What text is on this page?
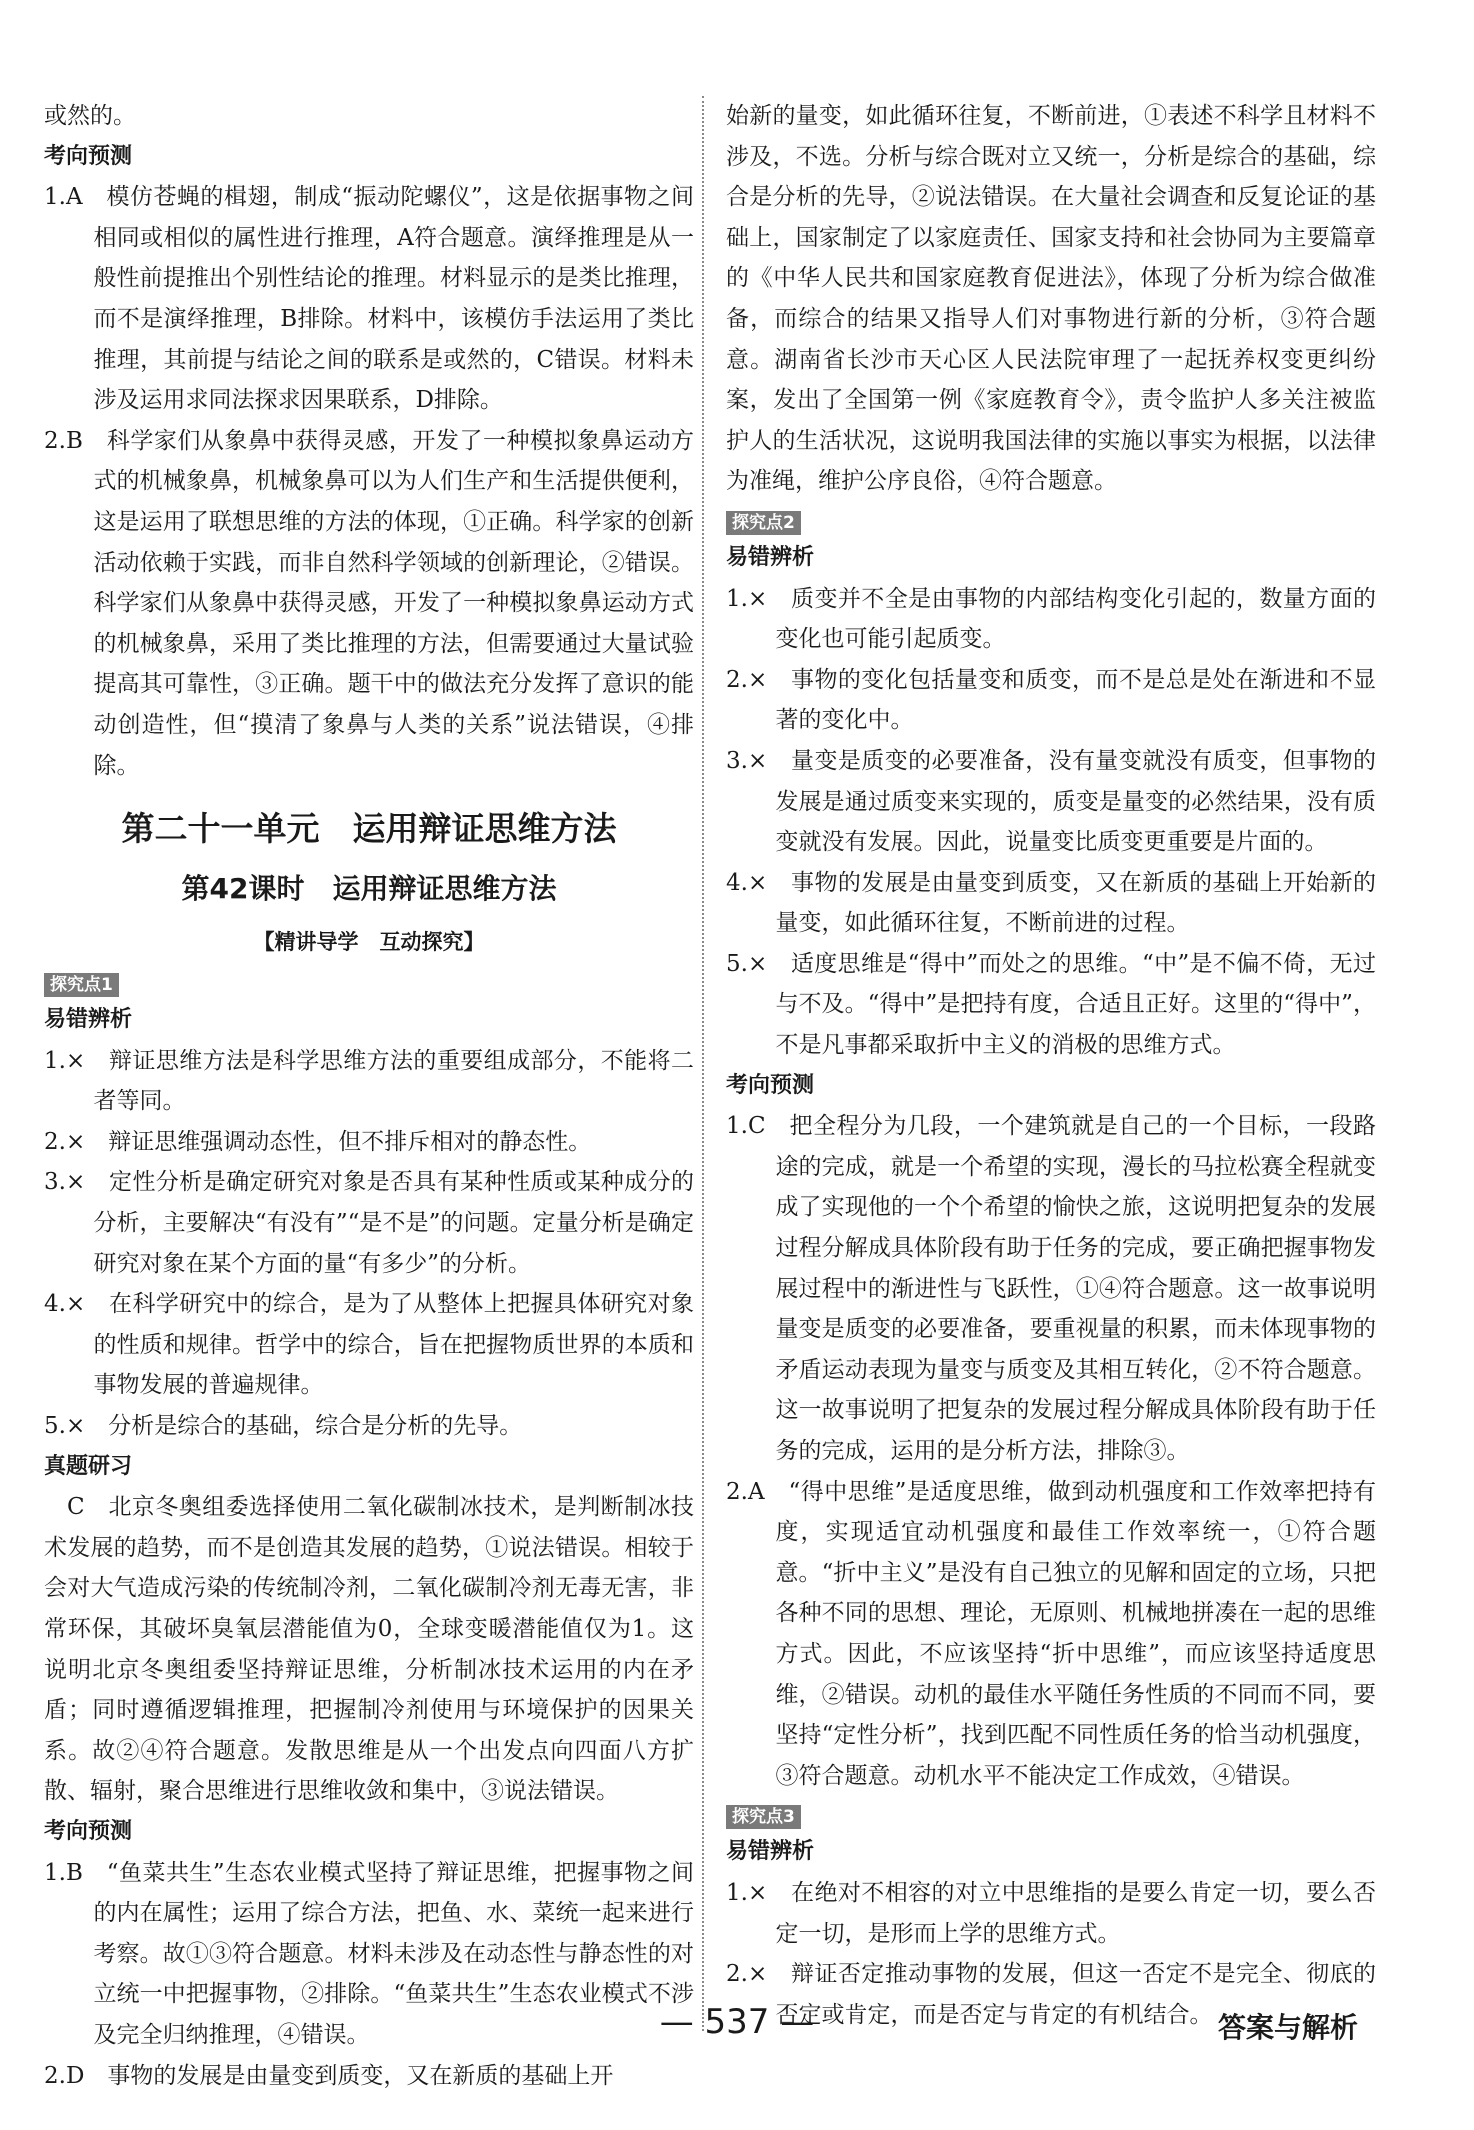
或然的。

考向预测

1.A　模仿苍蝇的楫翅，制成“振动陀螺仪”，这是依据事物之间相同或相似的属性进行推理，A符合题意。演绎推理是从一般性前提推出个别性结论的推理。材料显示的是类比推理，而不是演绎推理，B排除。材料中，该模仿手法运用了类比推理，其前提与结论之间的联系是或然的，C错误。材料未涉及运用求同法探求因果联系，D排除。

2.B　科学家们从象鼻中获得灵感，开发了一种模拟象鼻运动方式的机械象鼻，机械象鼻可以为人们生产和生活提供便利，这是运用了联想思维的方法的体现，①正确。科学家的创新活动依赖于实践，而非自然科学领域的创新理论，②错误。科学家们从象鼻中获得灵感，开发了一种模拟象鼻运动方式的机械象鼻，采用了类比推理的方法，但需要通过大量试验提高其可靠性，③正确。题干中的做法充分发挥了意识的能动创造性，但“摸清了象鼻与人类的关系”说法错误，④排除。

第二十一单元　运用辩证思维方法
第42课时　运用辩证思维方法
【精讲导学　互动探究】
探究点1

易错辨析

1.×　辩证思维方法是科学思维方法的重要组成部分，不能将二者等同。

2.×　辩证思维强调动态性，但不排斥相对的静态性。

3.×　定性分析是确定研究对象是否具有某种性质或某种成分的分析，主要解决“有没有”“是不是”的问题。定量分析是确定研究对象在某个方面的量“有多少”的分析。

4.×　在科学研究中的综合，是为了从整体上把握具体研究对象的性质和规律。哲学中的综合，旨在把握物质世界的本质和事物发展的普遍规律。

5.×　分析是综合的基础，综合是分析的先导。

真题研习

C　北京冬奥组委选择使用二氧化碳制冰技术，是判断制冰技术发展的趋势，而不是创造其发展的趋势，①说法错误。相较于会对大气造成污染的传统制冷剂，二氧化碳制冷剂无毒无害，非常环保，其破坏臭氧层潜能值为0，全球变暖潜能值仅为1。这说明北京冬奥组委坚持辩证思维，分析制冰技术运用的内在矛盾；同时遵循逻辑推理，把握制冷剂使用与环境保护的因果关系。故②④符合题意。发散思维是从一个出发点向四面八方扩散、辐射，聚合思维进行思维收敛和集中，③说法错误。

考向预测

1.B　“鱼菜共生”生态农业模式坚持了辩证思维，把握事物之间的内在属性；运用了综合方法，把鱼、水、菜统一起来进行考察。故①③符合题意。材料未涉及在动态性与静态性的对立统一中把握事物，②排除。“鱼菜共生”生态农业模式不涉及完全归纳推理，④错误。

2.D　事物的发展是由量变到质变，又在新质的基础上开

始新的量变，如此循环往复，不断前进，①表述不科学且材料不涉及，不选。分析与综合既对立又统一，分析是综合的基础，综合是分析的先导，②说法错误。在大量社会调查和反复论证的基础上，国家制定了以家庭责任、国家支持和社会协同为主要篇章的《中华人民共和国家庭教育促进法》，体现了分析为综合做准备，而综合的结果又指导人们对事物进行新的分析，③符合题意。湖南省长沙市天心区人民法院审理了一起抚养权变更纠纷案，发出了全国第一例《家庭教育令》，责令监护人多关注被监护人的生活状况，这说明我国法律的实施以事实为根据，以法律为准绳，维护公序良俗，④符合题意。

探究点2

易错辨析

1.×　质变并不全是由事物的内部结构变化引起的，数量方面的变化也可能引起质变。

2.×　事物的变化包括量变和质变，而不是总是处在渐进和不显著的变化中。

3.×　量变是质变的必要准备，没有量变就没有质变，但事物的发展是通过质变来实现的，质变是量变的必然结果，没有质变就没有发展。因此，说量变比质变更重要是片面的。

4.×　事物的发展是由量变到质变，又在新质的基础上开始新的量变，如此循环往复，不断前进的过程。

5.×　适度思维是“得中”而处之的思维。“中”是不偏不倚，无过与不及。“得中”是把持有度，合适且正好。这里的“得中”，不是凡事都采取折中主义的消极的思维方式。

考向预测

1.C　把全程分为几段，一个建筑就是自己的一个目标，一段路途的完成，就是一个希望的实现，漫长的马拉松赛全程就变成了实现他的一个个希望的愉快之旅，这说明把复杂的发展过程分解成具体阶段有助于任务的完成，要正确把握事物发展过程中的渐进性与飞跃性，①④符合题意。这一故事说明量变是质变的必要准备，要重视量的积累，而未体现事物的矛盾运动表现为量变与质变及其相互转化，②不符合题意。这一故事说明了把复杂的发展过程分解成具体阶段有助于任务的完成，运用的是分析方法，排除③。

2.A　“得中思维”是适度思维，做到动机强度和工作效率把持有度，实现适宜动机强度和最佳工作效率统一，①符合题意。“折中主义”是没有自己独立的见解和固定的立场，只把各种不同的思想、理论，无原则、机械地拼凑在一起的思维方式。因此，不应该坚持“折中思维”，而应该坚持适度思维，②错误。动机的最佳水平随任务性质的不同而不同，要坚持“定性分析”，找到匹配不同性质任务的恰当动机强度，③符合题意。动机水平不能决定工作成效，④错误。

探究点3

易错辨析

1.×　在绝对不相容的对立中思维指的是要么肯定一切，要么否定一切，是形而上学的思维方式。

2.×　辩证否定推动事物的发展，但这一否定不是完全、彻底的否定或肯定，而是否定与肯定的有机结合。

— 537 —	答案与解析
